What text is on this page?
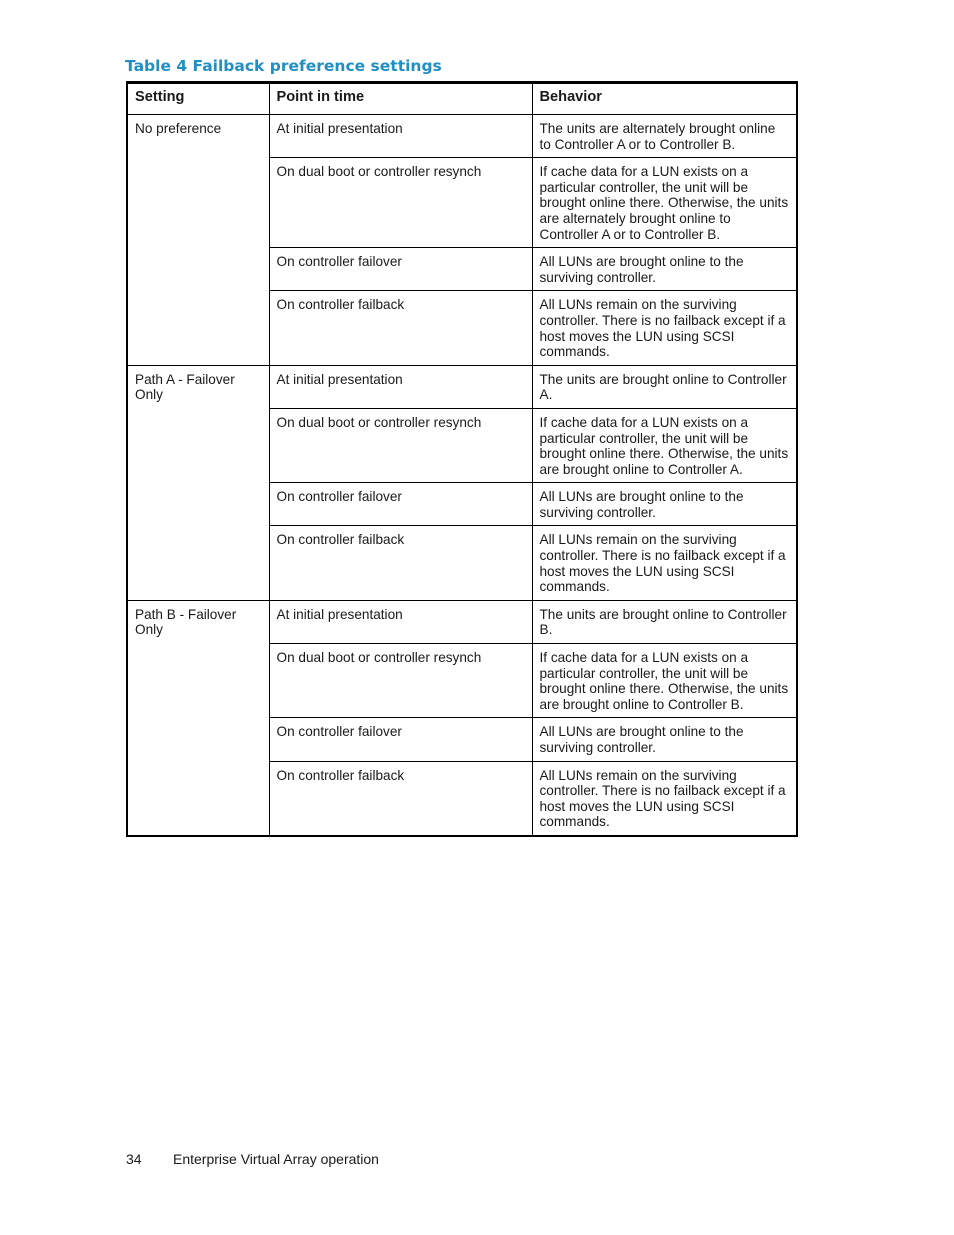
Table 4 Failback preference settings
Setting	Point in time	Behavior
No preference	At initial presentation	The units are alternately brought online to Controller A or to Controller B.
	On dual boot or controller resynch	If cache data for a LUN exists on a particular controller, the unit will be brought online there. Otherwise, the units are alternately brought online to Controller A or to Controller B.
	On controller failover	All LUNs are brought online to the surviving controller.
	On controller failback	All LUNs remain on the surviving controller. There is no failback except if a host moves the LUN using SCSI commands.
Path A - Failover Only	At initial presentation	The units are brought online to Controller A.
	On dual boot or controller resynch	If cache data for a LUN exists on a particular controller, the unit will be brought online there. Otherwise, the units are brought online to Controller A.
	On controller failover	All LUNs are brought online to the surviving controller.
	On controller failback	All LUNs remain on the surviving controller. There is no failback except if a host moves the LUN using SCSI commands.
Path B - Failover Only	At initial presentation	The units are brought online to Controller B.
	On dual boot or controller resynch	If cache data for a LUN exists on a particular controller, the unit will be brought online there. Otherwise, the units are brought online to Controller B.
	On controller failover	All LUNs are brought online to the surviving controller.
	On controller failback	All LUNs remain on the surviving controller. There is no failback except if a host moves the LUN using SCSI commands.
34 Enterprise Virtual Array operation
